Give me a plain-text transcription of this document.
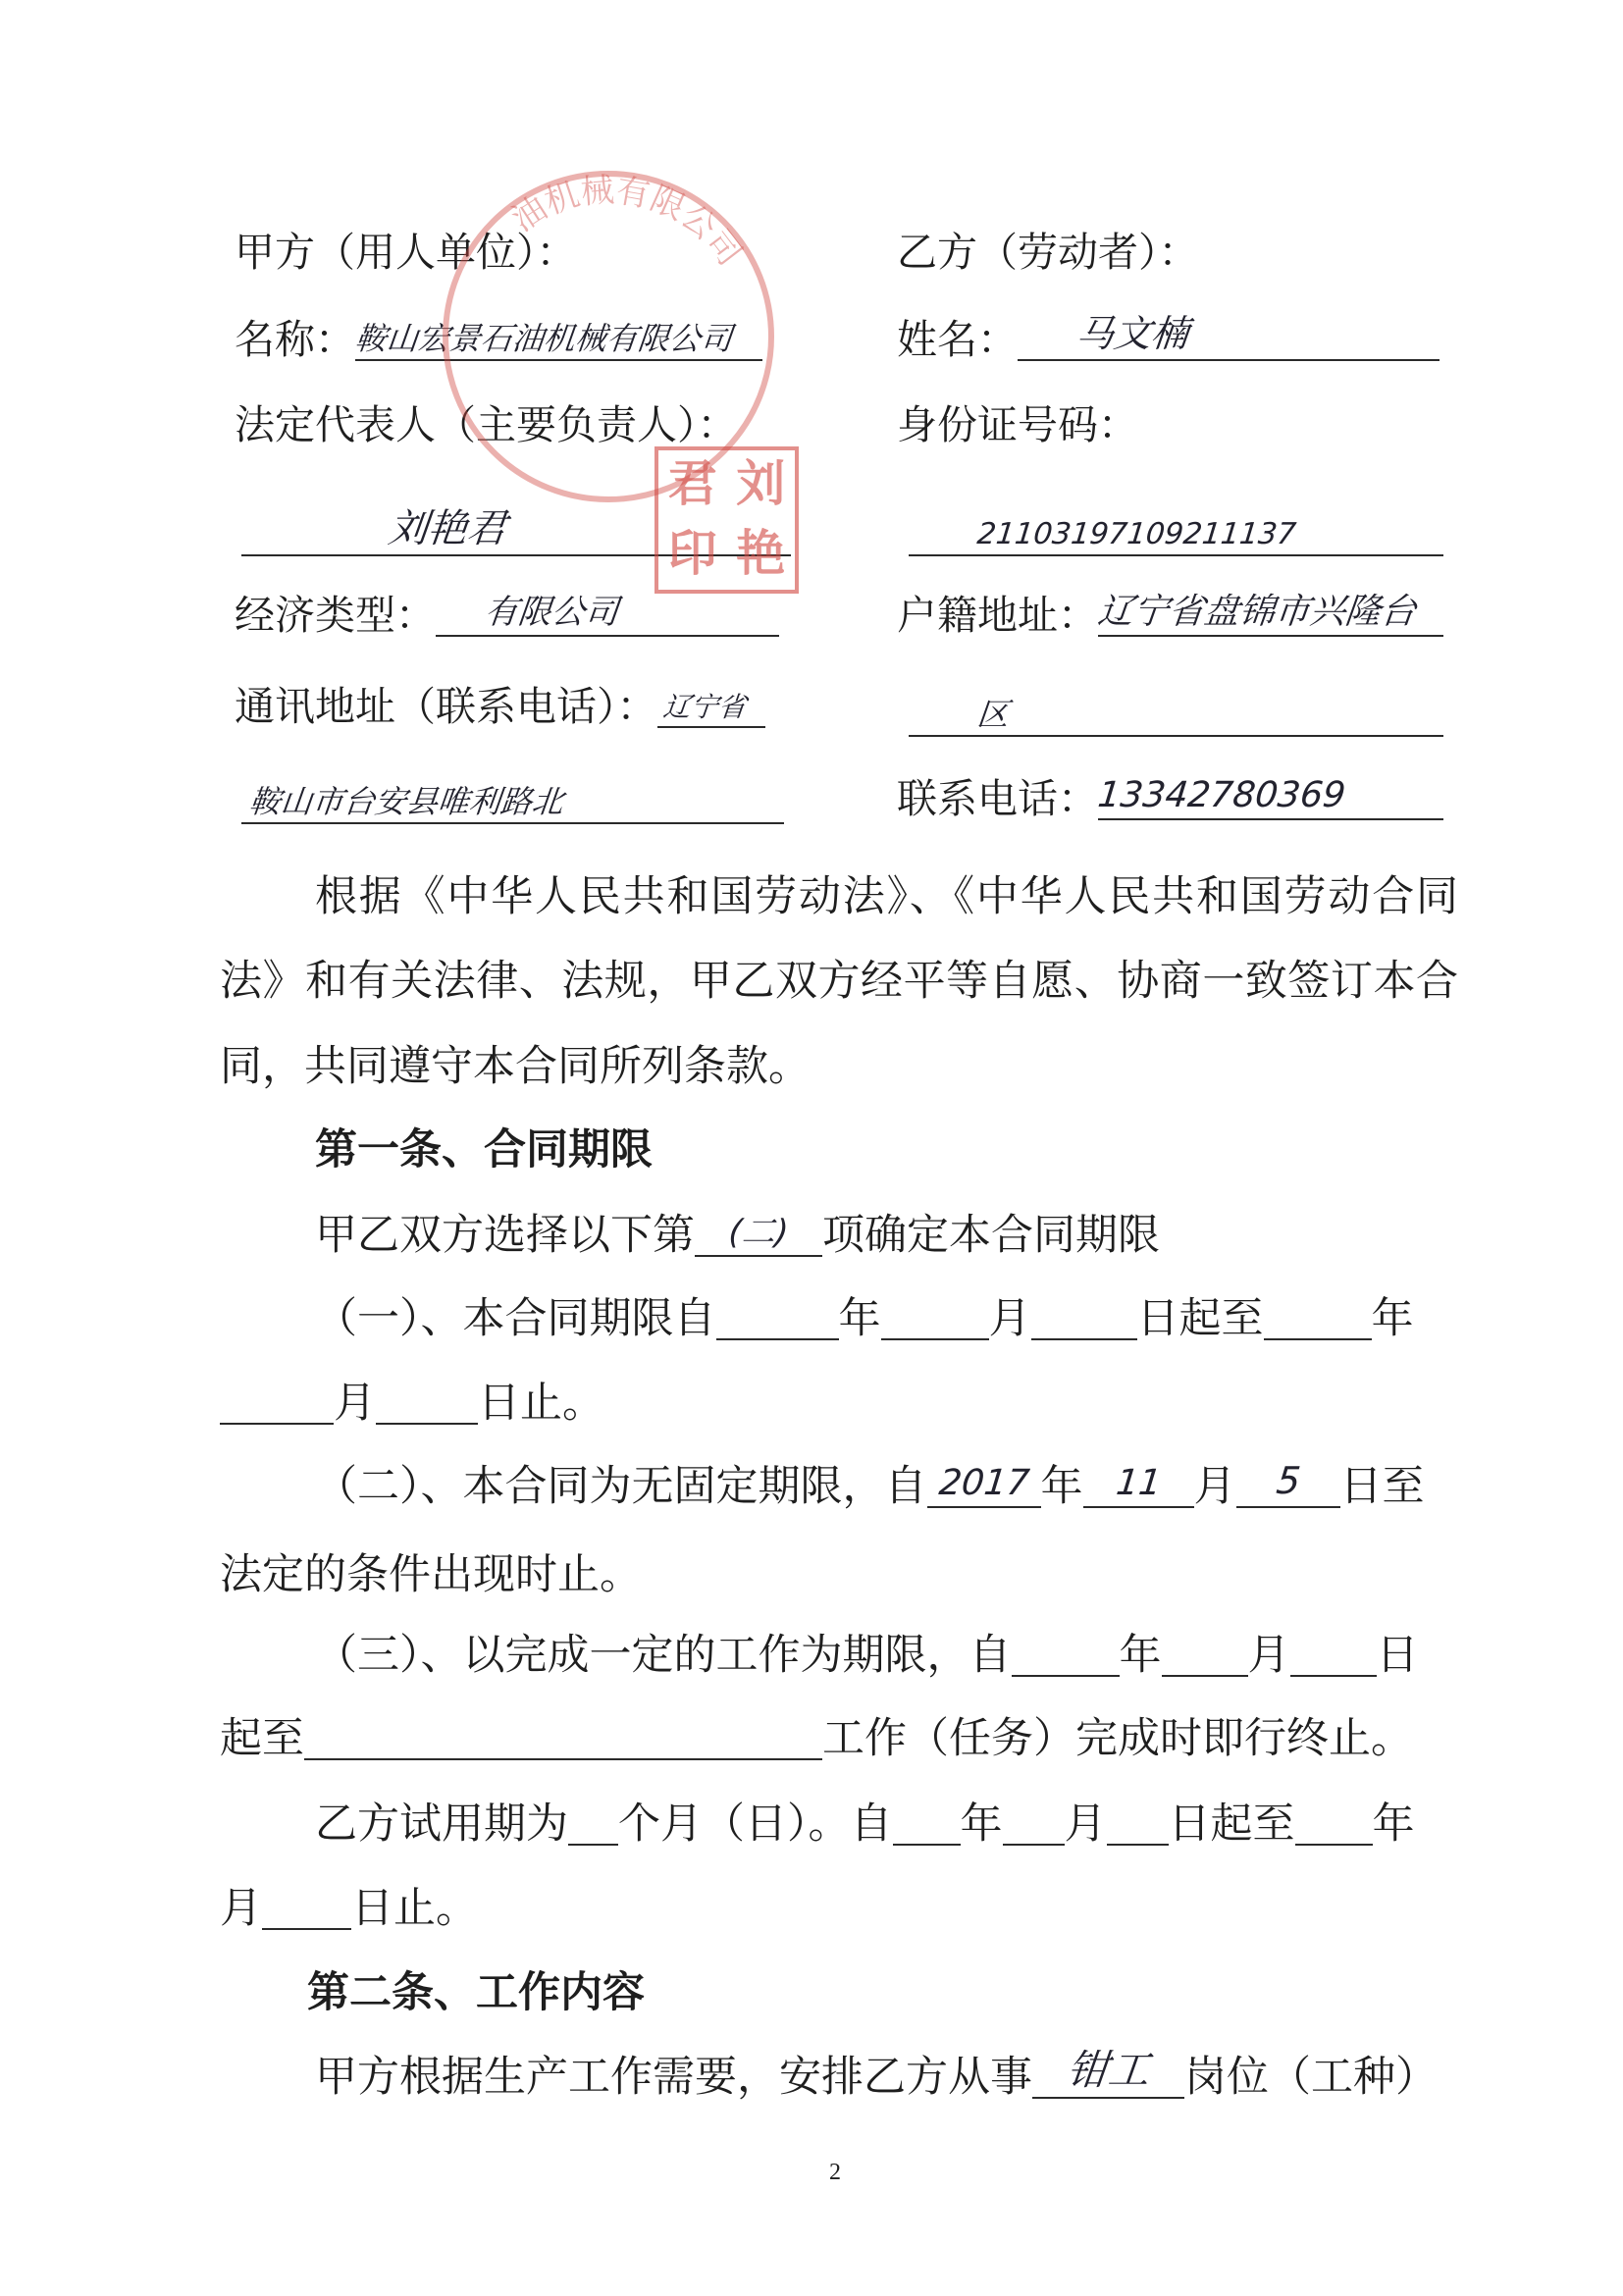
甲方（用人单位）：
名称：
鞍山宏景石油机械有限公司
法定代表人（主要负责人）：
刘艳君
经济类型：	有限公司
通讯地址（联系电话）： 辽宁省
鞍山市台安县唯利路北
乙方（劳动者）：
姓名：	马文楠
身份证号码：
21103197109211137
户籍地址：
辽宁省盘锦市兴隆台
区
联系电话：
13342780369
根据《中华人民共和国劳动法》、《中华人民共和国劳动合同
法》和有关法律、法规，甲乙双方经平等自愿、协商一致签订本合
同，共同遵守本合同所列条款。
第一条、合同期限
甲乙双方选择以下第 (二) 项确定本合同期限
（一）、本合同期限自	年	月	日起至	年
月 日止。
（二）、本合同为无固定期限，自 2017 年 11 月	5 日至
法定的条件出现时止。
（三）、以完成一定的工作为期限，自	年 月 日
起至	工作（任务）完成时即行终止。
乙方试用期为 个月（日）。自 年 月 日起至 年
月 日止。
第二条、工作内容
甲方根据生产工作需要，安排乙方从事 钳工 岗位（工种）
2
油机械有限公司
君 刘
印 艳
